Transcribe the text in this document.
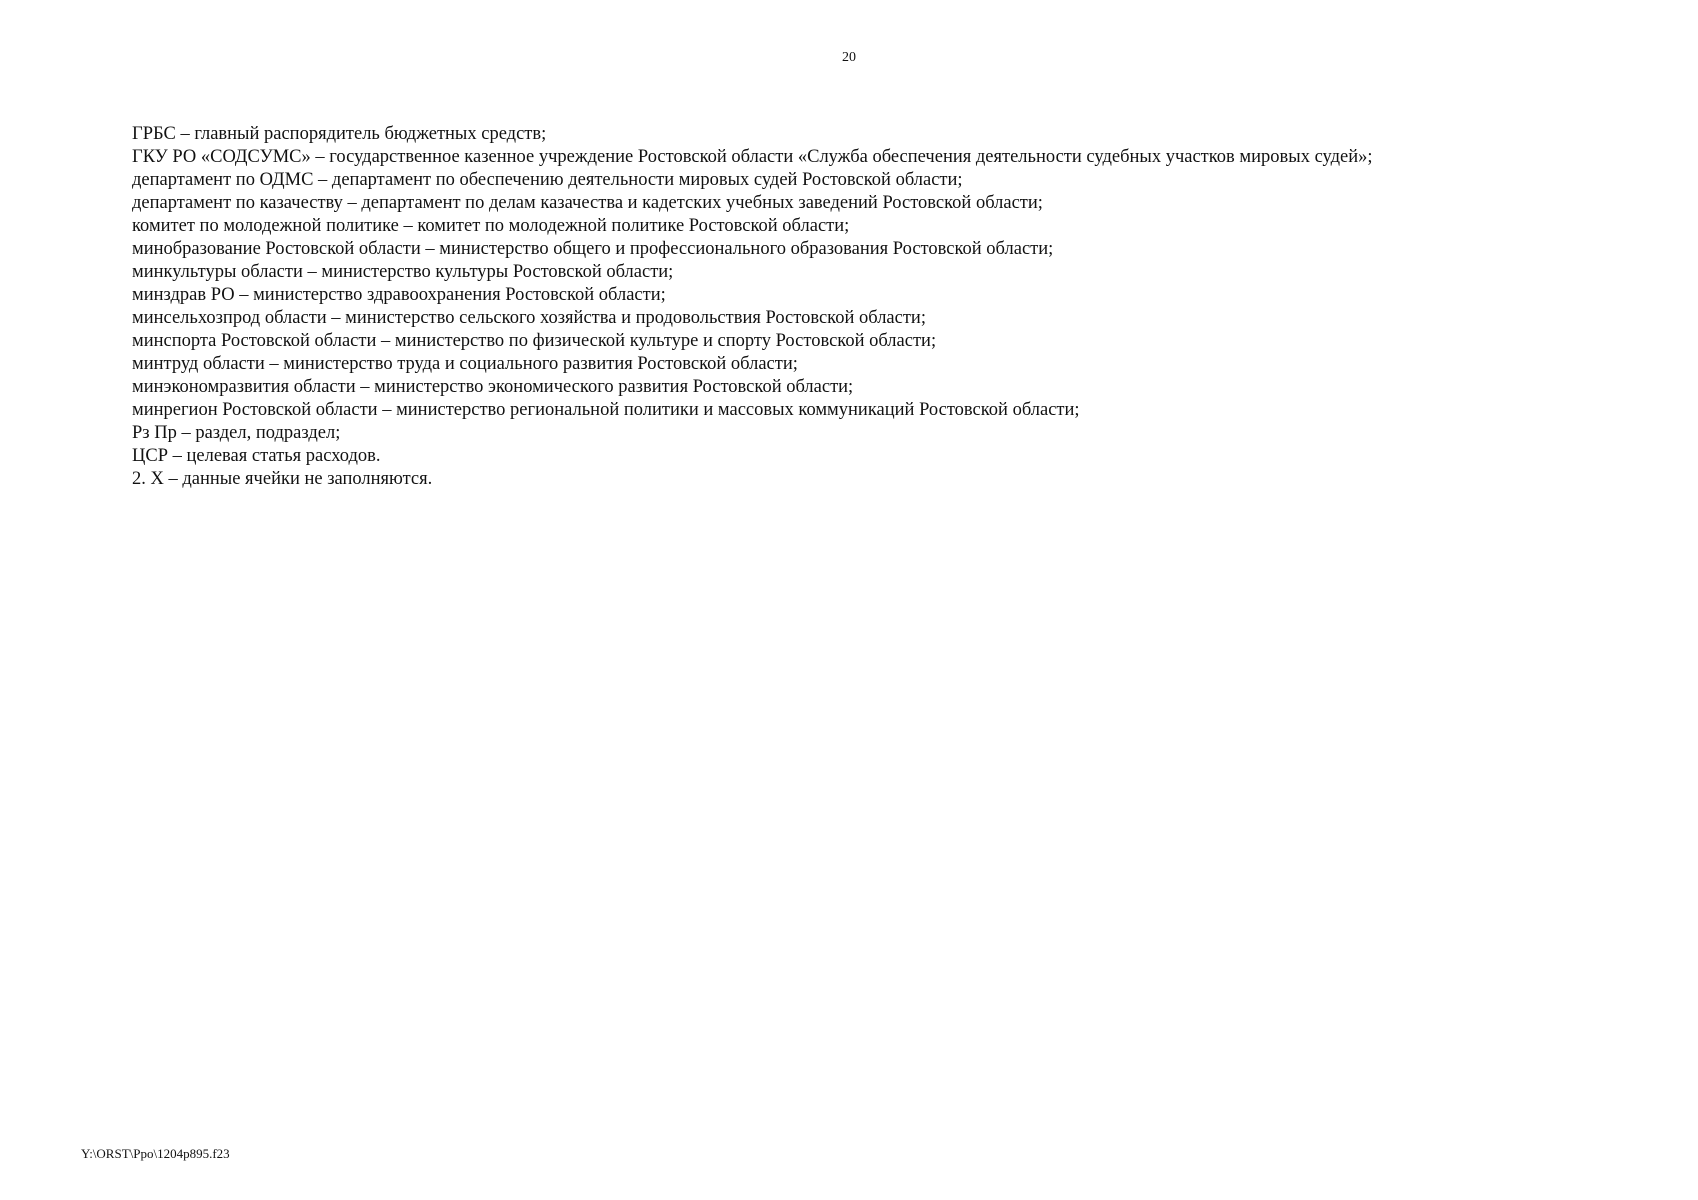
20
ГРБС – главный распорядитель бюджетных средств;
ГКУ РО «СОДСУМС» – государственное казенное учреждение Ростовской области «Служба обеспечения деятельности судебных участков мировых судей»;
департамент по ОДМС – департамент по обеспечению деятельности мировых судей Ростовской области;
департамент по казачеству – департамент по делам казачества и кадетских учебных заведений Ростовской области;
комитет по молодежной политике – комитет по молодежной политике Ростовской области;
минобразование Ростовской области – министерство общего и профессионального образования Ростовской области;
минкультуры области – министерство культуры Ростовской области;
минздрав РО – министерство здравоохранения Ростовской области;
минсельхозпрод области – министерство сельского хозяйства и продовольствия Ростовской области;
минспорта Ростовской области – министерство по физической культуре и спорту Ростовской области;
минтруд области – министерство труда и социального развития Ростовской области;
минэкономразвития области – министерство экономического развития Ростовской области;
минрегион Ростовской области – министерство региональной политики и массовых коммуникаций Ростовской области;
Рз Пр – раздел, подраздел;
ЦСР – целевая статья расходов.
2. Х – данные ячейки не заполняются.
Y:\ORST\Ppo\1204p895.f23
